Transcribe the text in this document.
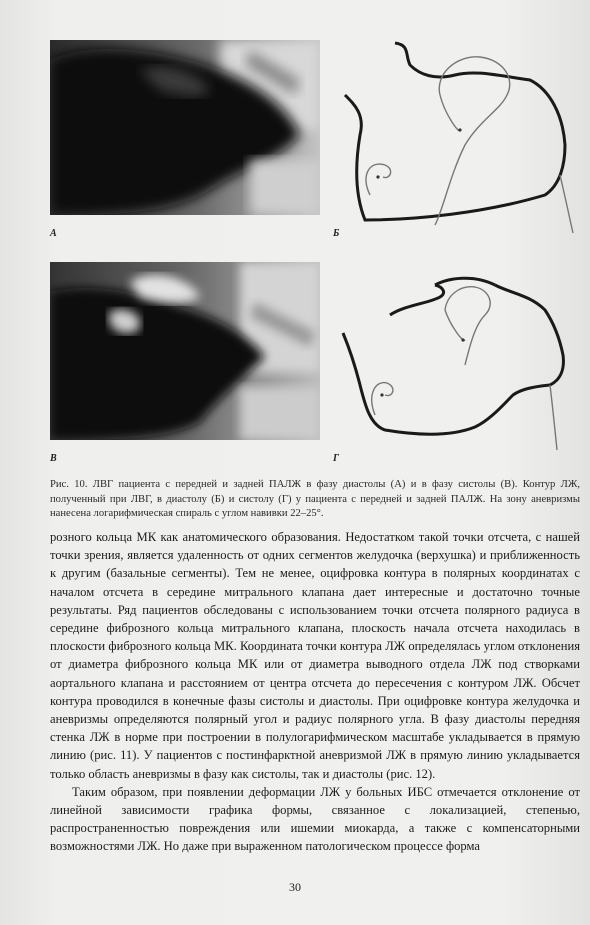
А	Б
В	Г

Рис. 10. ЛВГ пациента с передней и задней ПАЛЖ в фазу диастолы (А) и в фазу систолы (В). Контур ЛЖ, полученный при ЛВГ, в диастолу (Б) и систолу (Г) у пациента с передней и задней ПАЛЖ. На зону аневризмы нанесена логарифмическая спираль с углом навивки 22–25°.

розного кольца МК как анатомического образования. Недостатком такой точки отсчета, с нашей точки зрения, является удаленность от одних сегментов желудочка (верхушка) и приближенность к другим (базальные сегменты). Тем не менее, оцифровка контура в полярных координатах с началом отсчета в середине митрального клапана дает интересные и достаточно точные результаты. Ряд пациентов обследованы с использованием точки отсчета полярного радиуса в середине фиброзного кольца митрального клапана, плоскость начала отсчета находилась в плоскости фиброзного кольца МК. Координата точки контура ЛЖ определялась углом отклонения от диаметра фиброзного кольца МК или от диаметра выводного отдела ЛЖ под створками аортального клапана и расстоянием от центра отсчета до пересечения с контуром ЛЖ. Обсчет контура проводился в конечные фазы систолы и диастолы. При оцифровке контура желудочка и аневризмы определяются полярный угол и радиус полярного угла. В фазу диастолы передняя стенка ЛЖ в норме при построении в полулогарифмическом масштабе укладывается в прямую линию (рис. 11). У пациентов с постинфарктной аневризмой ЛЖ в прямую линию укладывается только область аневризмы в фазу как систолы, так и диастолы (рис. 12).

Таким образом, при появлении деформации ЛЖ у больных ИБС отмечается отклонение от линейной зависимости графика формы, связанное с локализацией, степенью, распространенностью повреждения или ишемии миокарда, а также с компенсаторными возможностями ЛЖ. Но даже при выраженном патологическом процессе форма

30
